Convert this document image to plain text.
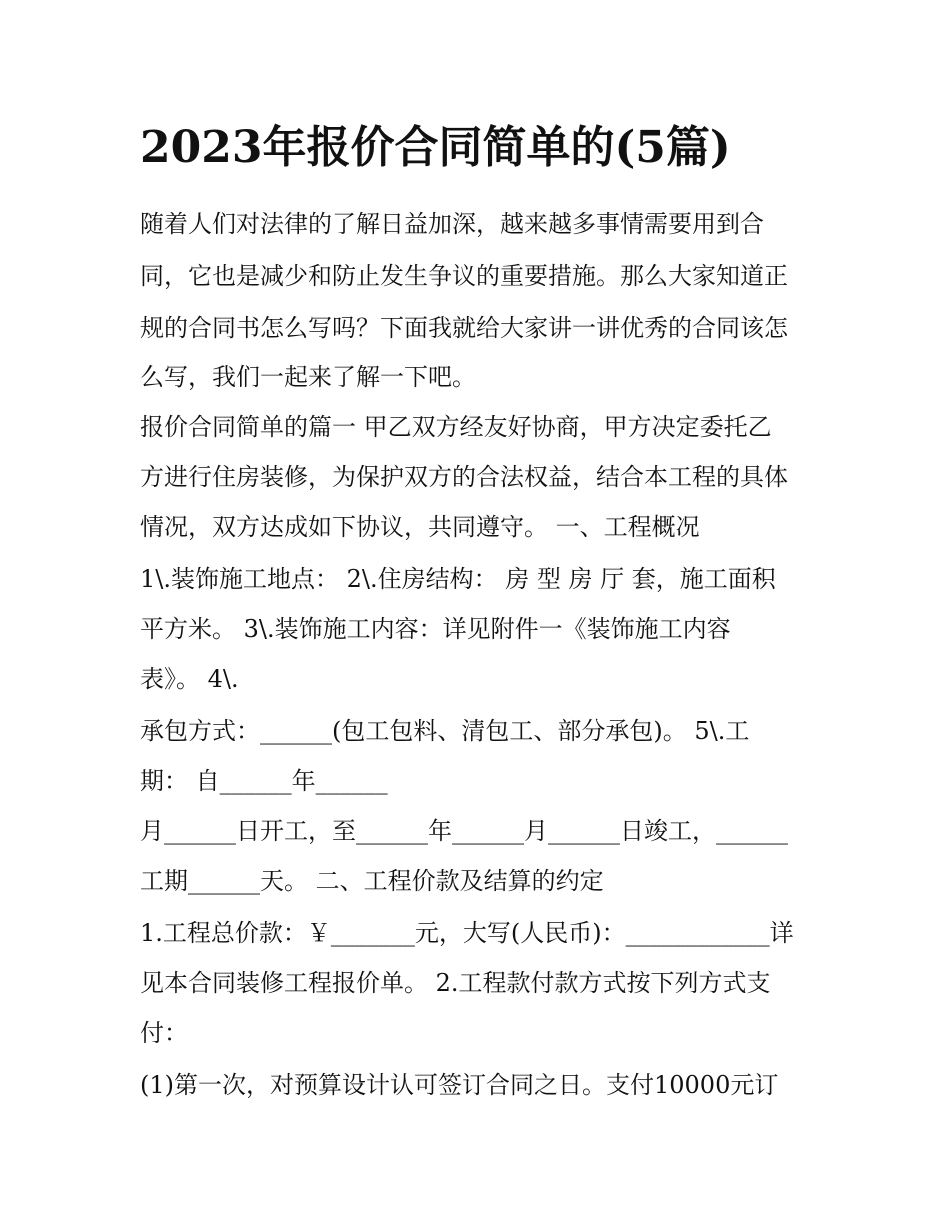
2023年报价合同简单的(5篇)

随着人们对法律的了解日益加深，越来越多事情需要用到合

同，它也是减少和防止发生争议的重要措施。那么大家知道正

规的合同书怎么写吗？下面我就给大家讲一讲优秀的合同该怎

么写，我们一起来了解一下吧。

报价合同简单的篇一 甲乙双方经友好协商，甲方决定委托乙

方进行住房装修，为保护双方的合法权益，结合本工程的具体

情况，双方达成如下协议，共同遵守。 一、工程概况

1\.装饰施工地点： 2\.住房结构： 房 型 房 厅 套，施工面积

平方米。 3\.装饰施工内容：详见附件一《装饰施工内容

表》。 4\.

承包方式：______(包工包料、清包工、部分承包)。 5\.工

期： 自______年______

月______日开工，至______年______月______日竣工，______

工期______天。 二、工程价款及结算的约定

1.工程总价款：￥_______元，大写(人民币)：____________详

见本合同装修工程报价单。 2.工程款付款方式按下列方式支

付：

(1)第一次，对预算设计认可签订合同之日。支付10000元订
